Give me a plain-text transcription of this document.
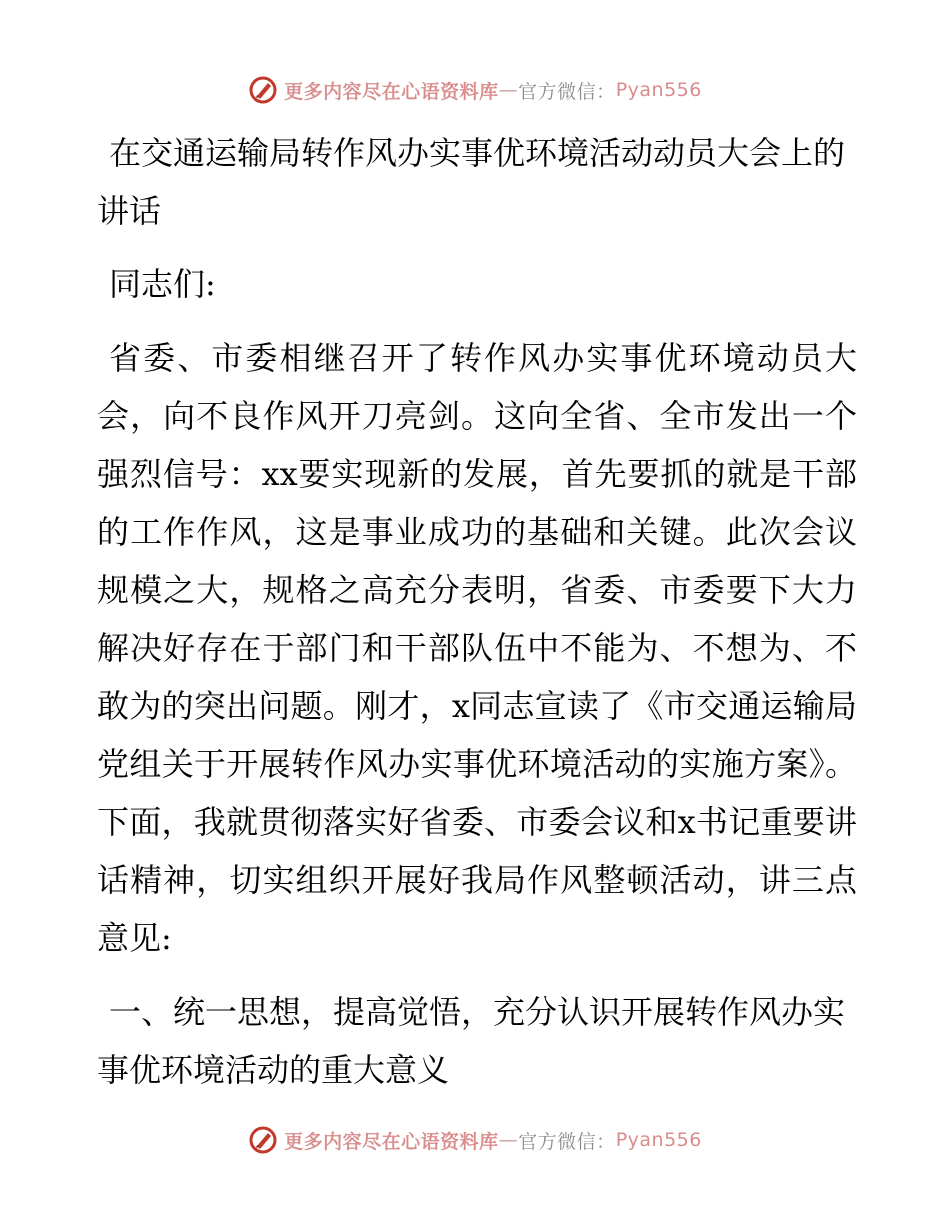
更多内容尽在心语资料库 — 官方微信 ： Pyan556
在交通运输局转作风办实事优环境活动动员大会上的讲话

同志们:

省委、市委相继召开了转作风办实事优环境动员大会，向不良作风开刀亮剑。这向全省、全市发出一个强烈信号：xx要实现新的发展，首先要抓的就是干部的工作作风，这是事业成功的基础和关键。此次会议规模之大，规格之高充分表明，省委、市委要下大力解决好存在于部门和干部队伍中不能为、不想为、不敢为的突出问题。刚才，x同志宣读了《市交通运输局党组关于开展转作风办实事优环境活动的实施方案》。下面，我就贯彻落实好省委、市委会议和x书记重要讲话精神，切实组织开展好我局作风整顿活动，讲三点意见:

一、统一思想，提高觉悟，充分认识开展转作风办实事优环境活动的重大意义
更多内容尽在心语资料库 — 官方微信 ： Pyan556
